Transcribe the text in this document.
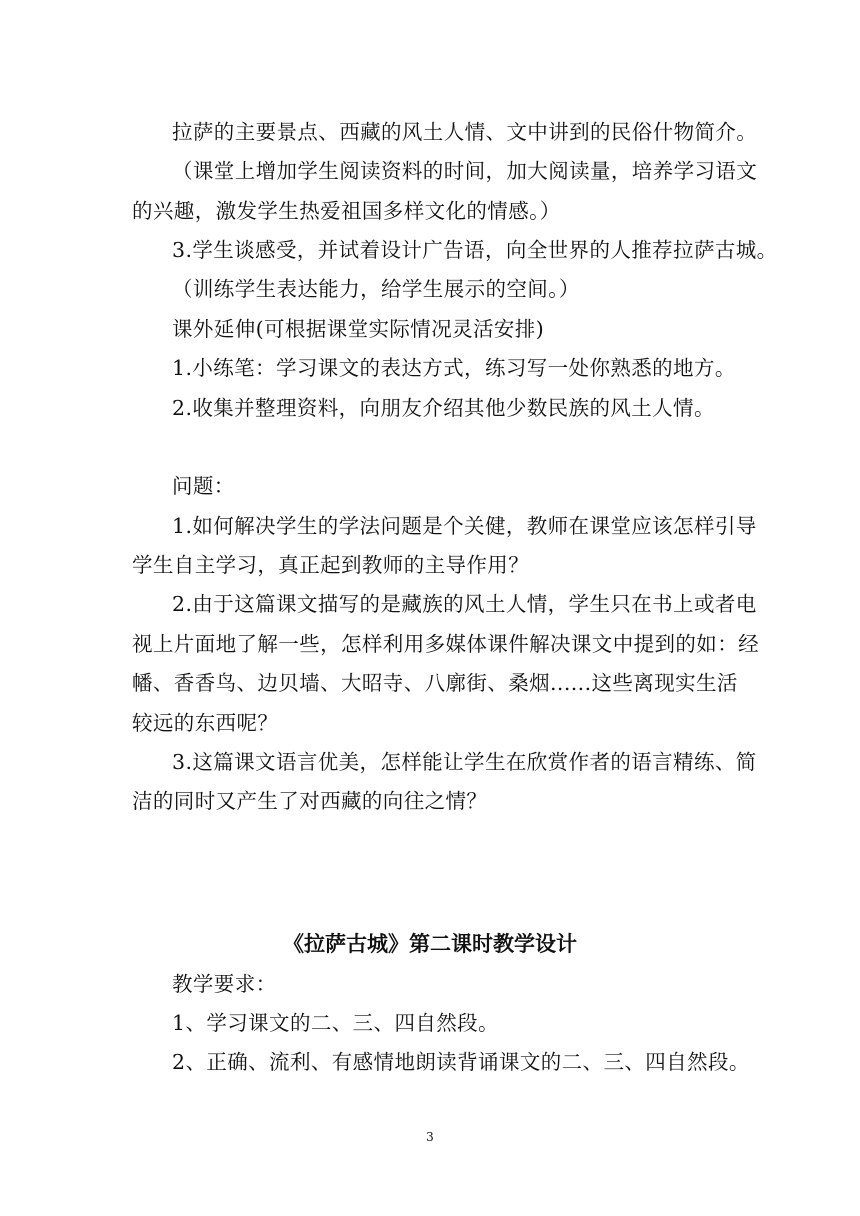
拉萨的主要景点、西藏的风土人情、文中讲到的民俗什物简介。
（课堂上增加学生阅读资料的时间，加大阅读量，培养学习语文
的兴趣，激发学生热爱祖国多样文化的情感。）
3.学生谈感受，并试着设计广告语，向全世界的人推荐拉萨古城。
（训练学生表达能力，给学生展示的空间。）
课外延伸(可根据课堂实际情况灵活安排)
1.小练笔：学习课文的表达方式，练习写一处你熟悉的地方。
2.收集并整理资料，向朋友介绍其他少数民族的风土人情。
问题：
1.如何解决学生的学法问题是个关健，教师在课堂应该怎样引导
学生自主学习，真正起到教师的主导作用？
2.由于这篇课文描写的是藏族的风土人情，学生只在书上或者电
视上片面地了解一些，怎样利用多媒体课件解决课文中提到的如：经
幡、香香鸟、边贝墙、大昭寺、八廓街、桑烟......这些离现实生活
较远的东西呢？
3.这篇课文语言优美，怎样能让学生在欣赏作者的语言精练、简
洁的同时又产生了对西藏的向往之情？
《拉萨古城》第二课时教学设计
教学要求：
1、学习课文的二、三、四自然段。
2、正确、流利、有感情地朗读背诵课文的二、三、四自然段。
3
